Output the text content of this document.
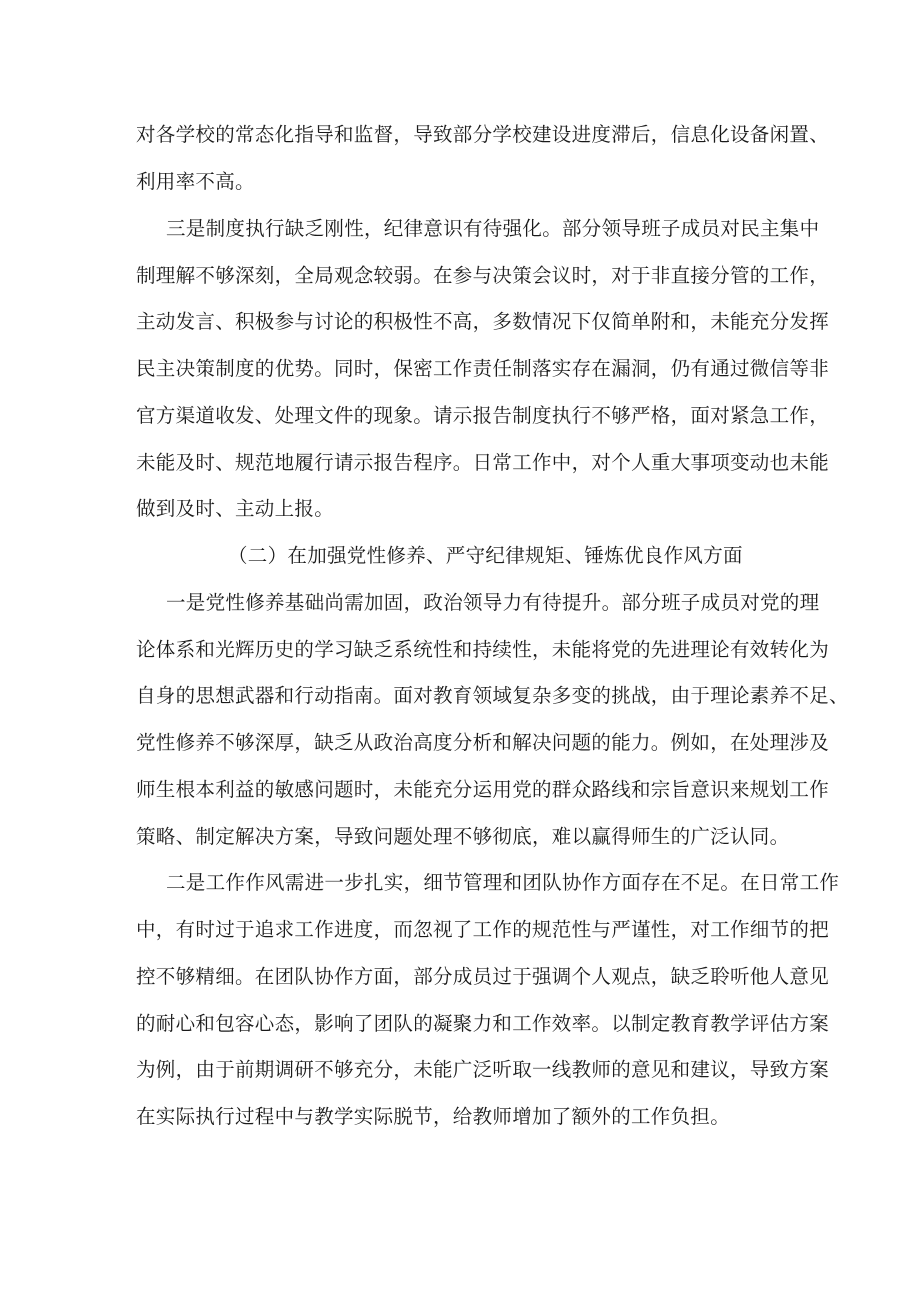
对各学校的常态化指导和监督，导致部分学校建设进度滞后，信息化设备闲置、
利用率不高。
三是制度执行缺乏刚性，纪律意识有待强化。部分领导班子成员对民主集中
制理解不够深刻，全局观念较弱。在参与决策会议时，对于非直接分管的工作，
主动发言、积极参与讨论的积极性不高，多数情况下仅简单附和，未能充分发挥
民主决策制度的优势。同时，保密工作责任制落实存在漏洞，仍有通过微信等非
官方渠道收发、处理文件的现象。请示报告制度执行不够严格，面对紧急工作，
未能及时、规范地履行请示报告程序。日常工作中，对个人重大事项变动也未能
做到及时、主动上报。
（二）在加强党性修养、严守纪律规矩、锤炼优良作风方面
一是党性修养基础尚需加固，政治领导力有待提升。部分班子成员对党的理
论体系和光辉历史的学习缺乏系统性和持续性，未能将党的先进理论有效转化为
自身的思想武器和行动指南。面对教育领域复杂多变的挑战，由于理论素养不足、
党性修养不够深厚，缺乏从政治高度分析和解决问题的能力。例如，在处理涉及
师生根本利益的敏感问题时，未能充分运用党的群众路线和宗旨意识来规划工作
策略、制定解决方案，导致问题处理不够彻底，难以赢得师生的广泛认同。
二是工作作风需进一步扎实，细节管理和团队协作方面存在不足。在日常工作
中，有时过于追求工作进度，而忽视了工作的规范性与严谨性，对工作细节的把
控不够精细。在团队协作方面，部分成员过于强调个人观点，缺乏聆听他人意见
的耐心和包容心态，影响了团队的凝聚力和工作效率。以制定教育教学评估方案
为例，由于前期调研不够充分，未能广泛听取一线教师的意见和建议，导致方案
在实际执行过程中与教学实际脱节，给教师增加了额外的工作负担。
